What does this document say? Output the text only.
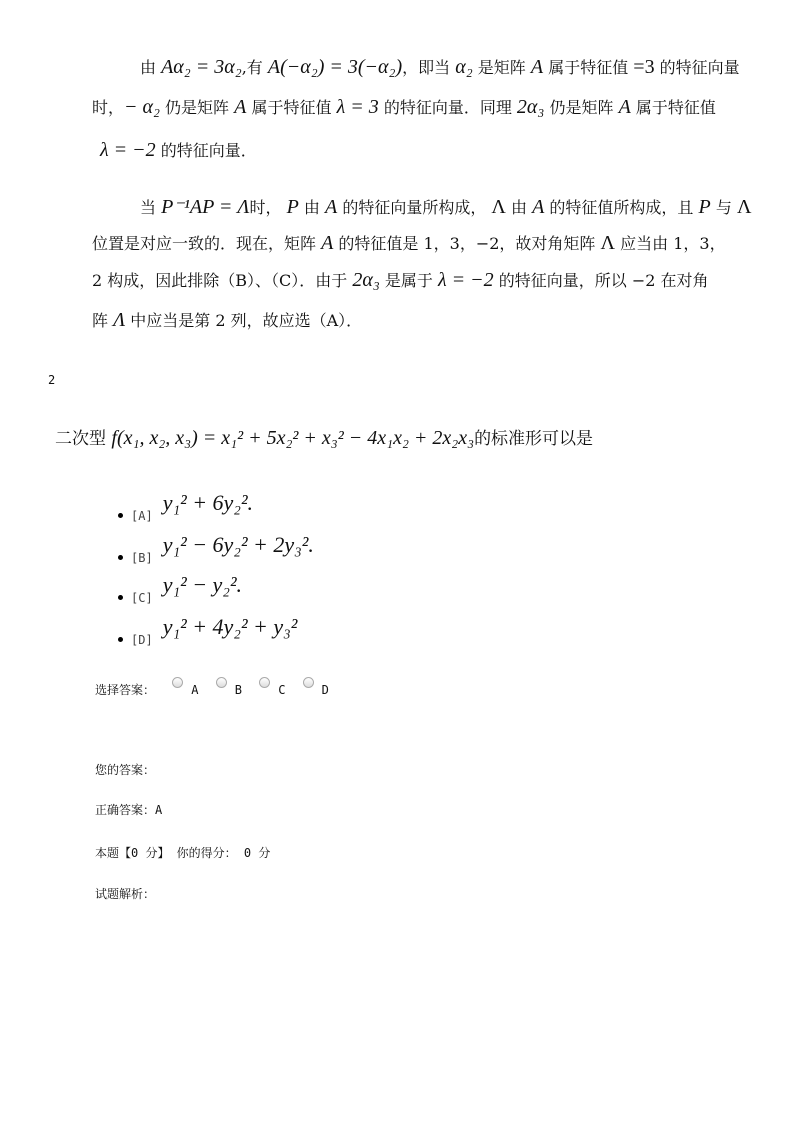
由 Aα₂ = 3α₂,有 A(−α₂) = 3(−α₂)，即当 α₂ 是矩阵 A 属于特征值 =3 的特征向量
时，− α₂ 仍是矩阵 A 属于特征值 λ = 3 的特征向量．同理 2α₃ 仍是矩阵 A 属于特征值
λ = −2 的特征向量．
当 P⁻¹AP = Λ时， P 由 A 的特征向量所构成， Λ 由 A 的特征值所构成，且 P 与 Λ
位置是对应一致的．现在，矩阵 A 的特征值是 1，3，−2，故对角矩阵 Λ 应当由 1，3，
2 构成，因此排除（B）、（C）．由于 2α₃ 是属于 λ = −2 的特征向量，所以 −2 在对角
阵 Λ 中应当是第 2 列，故应选（A）．
2
二次型 f(x₁, x₂, x₃) = x₁² + 5x₂² + x₃² − 4x₁x₂ + 2x₂x₃的标准形可以是
[A]y₁² + 6y₂².
[B]y₁² − 6y₂² + 2y₃².
[C]y₁² − y₂².
[D]y₁² + 4y₂² + y₃²
选择答案：	A	B	C	D
您的答案：
正确答案：A
本题【0 分】 你的得分： 0 分
试题解析：
